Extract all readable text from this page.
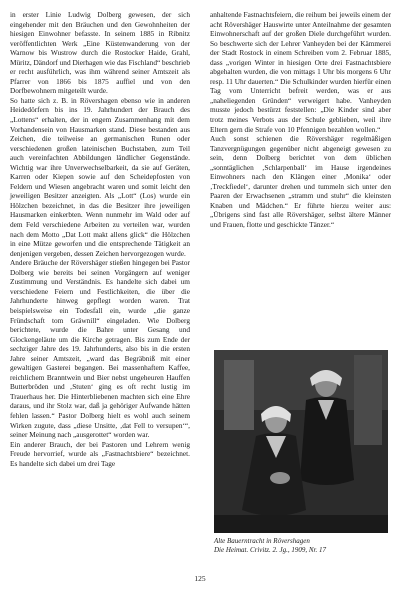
in erster Linie Ludwig Dolberg gewesen, der sich eingehender mit den Bräuchen und den Gewohnheiten der hiesigen Einwohner befasste. In seinem 1885 in Ribnitz veröffentlichten Werk „Eine Küstenwanderung von der Warnow bis Wustrow durch die Rostocker Haide, Grahl, Müritz, Dändorf und Dierhagen wie das Fischland“ beschrieb er recht ausführlich, was ihm während seiner Amtszeit als Pfarrer von 1866 bis 1875 auffiel und von den Dorfbewohnern mitgeteilt wurde.

So hatte sich z. B. in Rövershagen ebenso wie in anderen Heidedörfern bis ins 19. Jahrhundert der Brauch des „Lottens“ erhalten, der in engem Zusammenhang mit dem Vorhandensein von Hausmarken stand. Diese bestanden aus Zeichen, die teilweise an germanischen Runen oder verschiedenen großen lateinischen Buchstaben, zum Teil auch vereinfachten Abbildungen ländlicher Gegenstände. Wichtig war ihre Unverwechselbarkeit, da sie auf Geräten, Karren oder Kiepen sowie auf den Scheidepfosten von Feldern und Wiesen angebracht waren und somit leicht den jeweiligen Besitzer anzeigten. Als „Lott“ (Los) wurde ein Hölzchen bezeichnet, in das die Besitzer ihre jeweiligen Hausmarken einkerbten. Wenn nunmehr im Wald oder auf dem Feld verschiedene Arbeiten zu verteilen war, wurden nach dem Motto „Dat Lott makt allens glick“ die Hölzchen in eine Mütze geworfen und die entsprechende Tätigkeit an denjenigen vergeben, dessen Zeichen hervorgezogen wurde.

Andere Bräuche der Rövershäger stießen hingegen bei Pastor Dolberg wie bereits bei seinen Vorgängern auf weniger Zustimmung und Verständnis. Es handelte sich dabei um verschiedene Feiern und Festlichkeiten, die über die Jahrhunderte hinweg gepflegt worden waren. Trat beispielsweise ein Todesfall ein, wurde „die ganze Fründschaft tom Gräwnill“ eingeladen. Wie Dolberg berichtete, wurde die Bahre unter Gesang und Glockengeläute um die Kirche getragen. Bis zum Ende der sechziger Jahre des 19. Jahrhunderts, also bis in die ersten Jahre seiner Amtszeit, „ward das Begräbniß mit einer gewaltigen Gasterei begangen. Bei massenhaftem Kaffee, reichlichem Branntwein und Bier nebst ungeheuren Hauffen Butterbröden und ‚Stuten‘ ging es oft recht lustig im Trauerhaus her. Die Hinterbliebenen machten sich eine Ehre daraus, und ihr Stolz war, daß ja gehöriger Aufwande hätten fehlen lassen.“ Pastor Dolberg hielt es wohl auch seinem Wirken zugute, dass „diese Unsitte, ‚dat Fell to versupen‘“, seiner Meinung nach „ausgerottet“ worden war.

Ein anderer Brauch, der bei Pastoren und Lehrern wenig Freude hervorrief, wurde als „Fastnachtsbiere“ bezeichnet. Es handelte sich dabei um drei Tage

anhaltende Fastnachtsfeiern, die reihum bei jeweils einem der acht Rövershäger Hauswirte unter Anteilnahme der gesamten Einwohnerschaft auf der großen Diele durchgeführt wurden. So beschwerte sich der Lehrer Vanheyden bei der Kämmerei der Stadt Rostock in einem Schreiben vom 2. Februar 1885, dass „vorigen Winter in hiesigen Orte drei Fastnachtsbiere abgehalten wurden, die von mittags 1 Uhr bis morgens 6 Uhr resp. 11 Uhr dauerten.“ Die Schulkinder wurden hierfür einen Tag vom Unterricht befreit werden, was er aus „naheliegenden Gründen“ verweigert habe. Vanheyden musste jedoch bestürzt feststellen: „Die Kinder sind aber trotz meines Verbots aus der Schule geblieben, weil ihre Eltern gern die Strafe von 10 Pfennigen bezahlen wollen.“

Auch sonst schienen die Rövershäger regelmäßigen Tanzvergnügungen gegenüber nicht abgeneigt gewesen zu sein, denn Dolberg berichtet von dem üblichen „sonntäglichen ‚Schlarpenball‘ im Hause irgendeines Einwohners nach den Klängen einer ‚Monika‘ oder ‚Treckfiedel‘, darunter drehen und tummeln sich unter den Paaren der Erwachsenen „stramm und stuhr“ die kleinsten Knaben und Mädchen.“ Er führte hierzu weiter aus: „Übrigens sind fast alle Rövershäger, selbst ältere Männer und Frauen, flotte und geschickte Tänzer.“

Alte Bauerntracht in Rövershagen
Die Heimat. Crivitz. 2. Jg., 1909, Nr. 17
125
